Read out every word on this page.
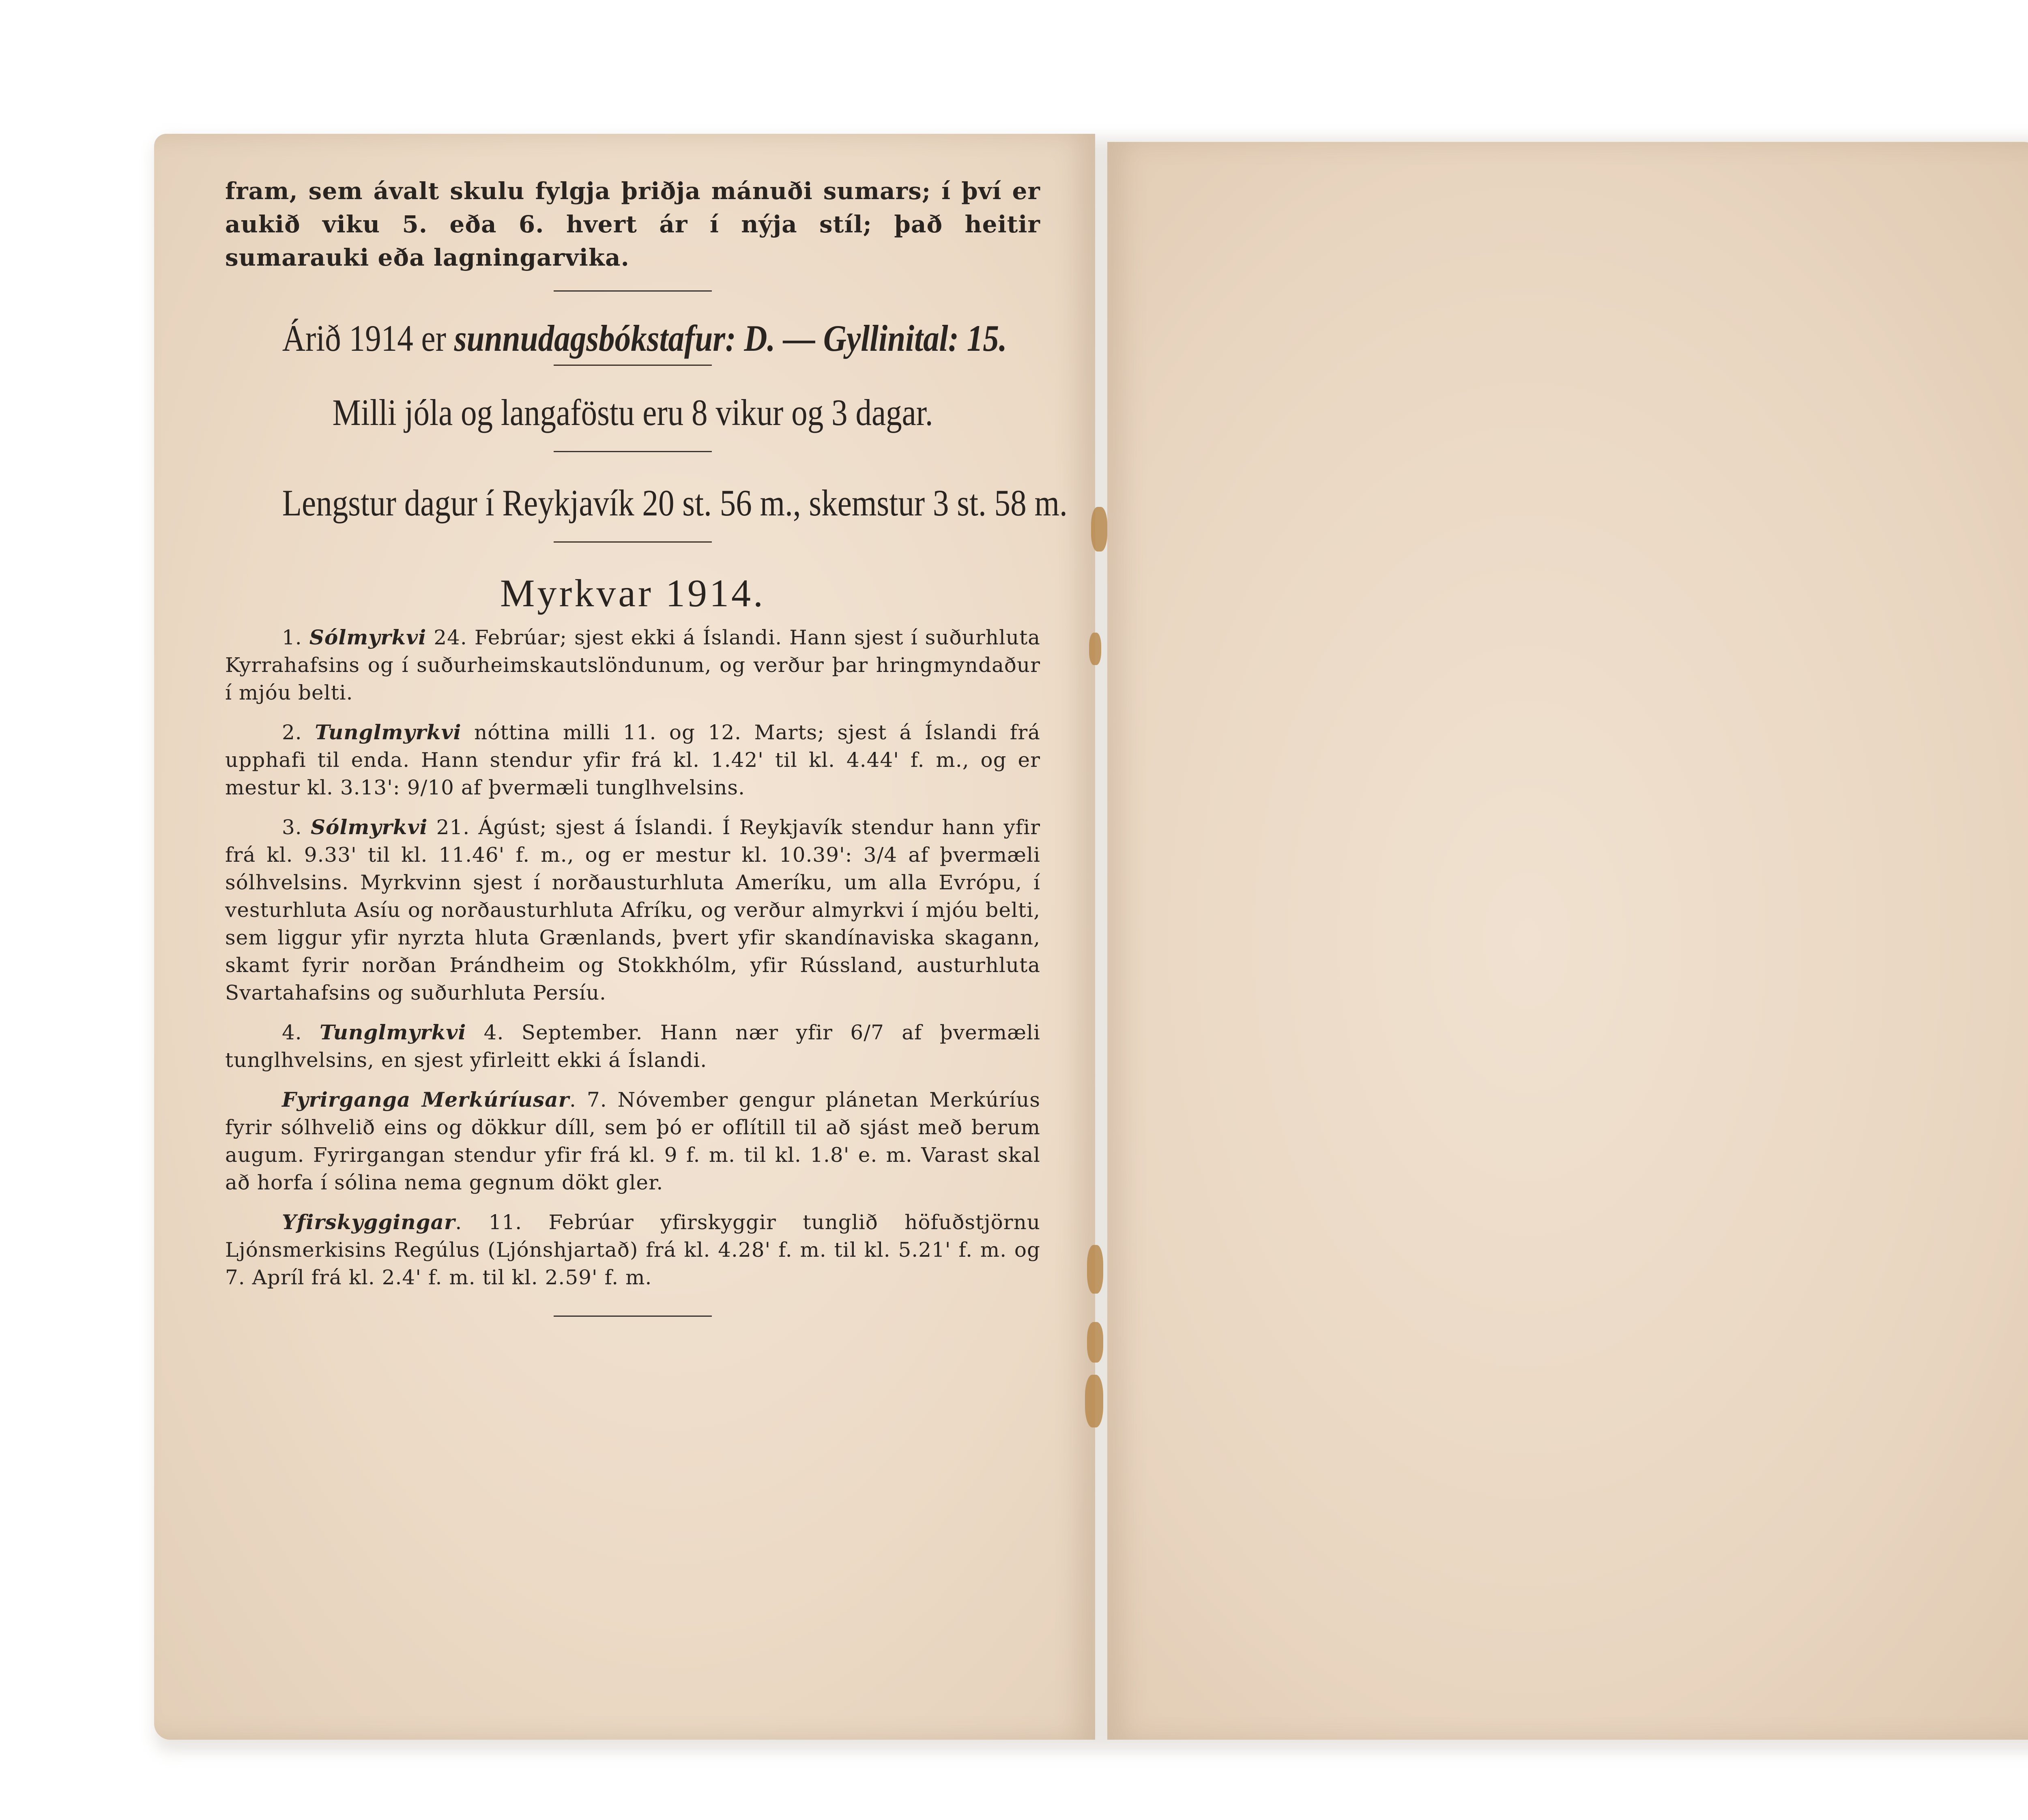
fram, sem ávalt skulu fylgja þriðja mánuði sumars; í því er aukið viku 5. eða 6. hvert ár í nýja stíl; það heitir sumarauki eða lagningarvika.

Árið 1914 er sunnudagsbókstafur: D. — Gyllinital: 15.

Milli jóla og langaföstu eru 8 vikur og 3 dagar.

Lengstur dagur í Reykjavík 20 st. 56 m., skemstur 3 st. 58 m.

Myrkvar 1914.

1. Sólmyrkvi 24. Febrúar; sjest ekki á Íslandi. Hann sjest í suðurhluta Kyrrahafsins og í suðurheimskautslöndunum, og verður þar hringmyndaður í mjóu belti.

2. Tunglmyrkvi nóttina milli 11. og 12. Marts; sjest á Íslandi frá upphafi til enda. Hann stendur yfir frá kl. 1.42' til kl. 4.44' f. m., og er mestur kl. 3.13': 9/10 af þvermæli tunglhvelsins.

3. Sólmyrkvi 21. Ágúst; sjest á Íslandi. Í Reykjavík stendur hann yfir frá kl. 9.33' til kl. 11.46' f. m., og er mestur kl. 10.39': 3/4 af þvermæli sólhvelsins. Myrkvinn sjest í norðausturhluta Ameríku, um alla Evrópu, í vesturhluta Asíu og norðausturhluta Afríku, og verður almyrkvi í mjóu belti, sem liggur yfir nyrzta hluta Grænlands, þvert yfir skandínaviska skagann, skamt fyrir norðan Þrándheim og Stokkhólm, yfir Rússland, austurhluta Svartahafsins og suðurhluta Persíu.

4. Tunglmyrkvi 4. September. Hann nær yfir 6/7 af þvermæli tunglhvelsins, en sjest yfirleitt ekki á Íslandi.

Fyrirganga Merkúríusar. 7. Nóvember gengur plánetan Merkúríus fyrir sólhvelið eins og dökkur díll, sem þó er oflítill til að sjást með berum augum. Fyrirgangan stendur yfir frá kl. 9 f. m. til kl. 1.8' e. m. Varast skal að horfa í sólina nema gegnum dökt gler.

Yfirskyggingar. 11. Febrúar yfirskyggir tunglið höfuðstjörnu Ljónsmerkisins Regúlus (Ljónshjartað) frá kl. 4.28' f. m. til kl. 5.21' f. m. og 7. Apríl frá kl. 2.4' f. m. til kl. 2.59' f. m.
